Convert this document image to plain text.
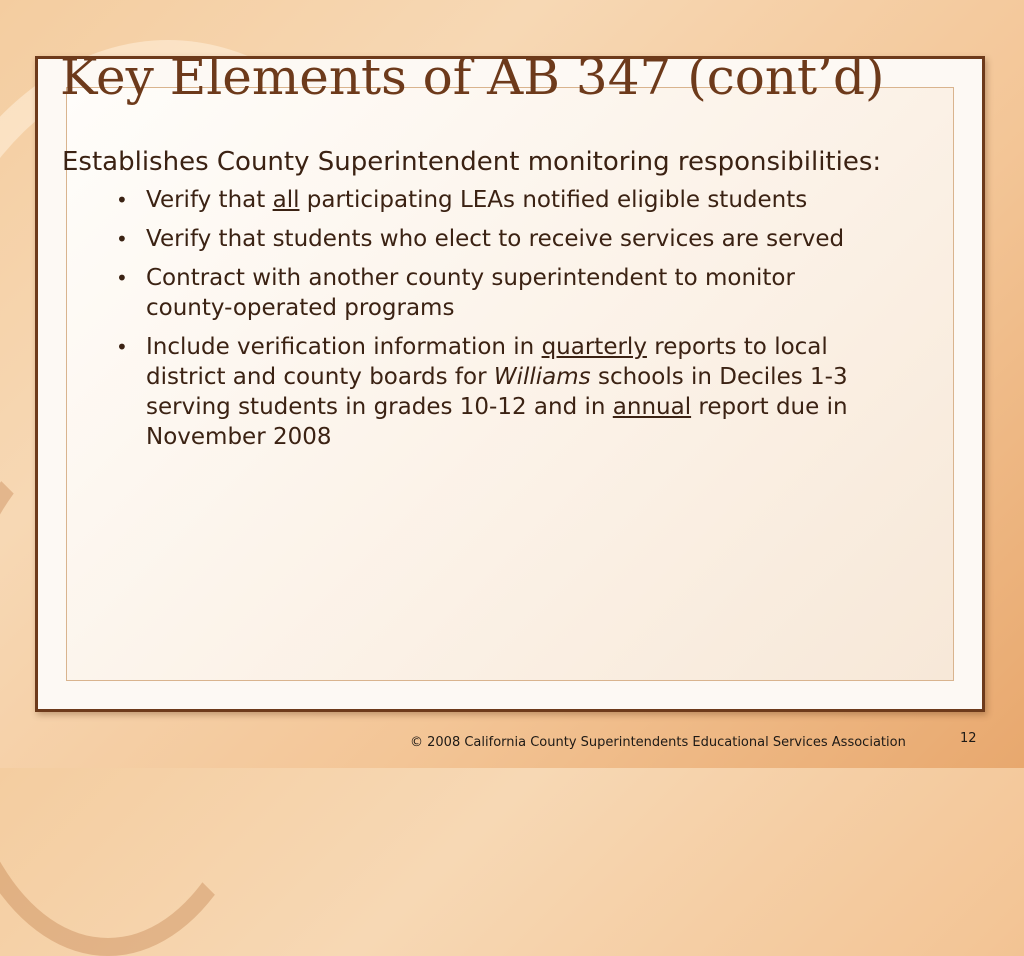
Key Elements of AB 347 (cont’d)
Establishes County Superintendent monitoring responsibilities:
• Verify that all participating LEAs notified eligible students
• Verify that students who elect to receive services are served
• Contract with another county superintendent to monitor county-operated programs
• Include verification information in quarterly reports to local district and county boards for Williams schools in Deciles 1-3 serving students in grades 10-12 and in annual report due in November 2008
© 2008 California County Superintendents Educational Services Association	12
